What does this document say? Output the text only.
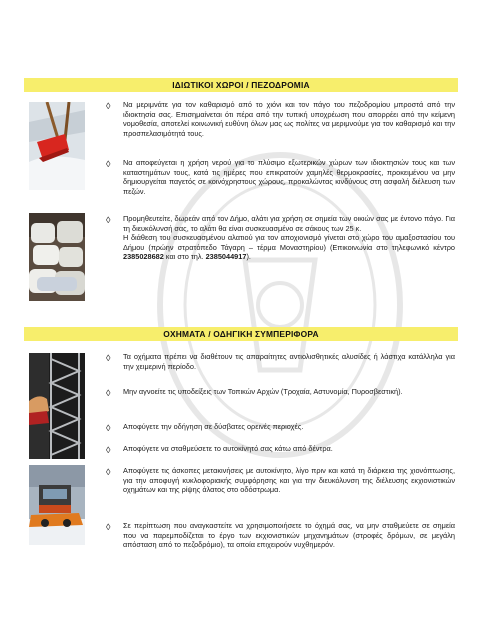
ΙΔΙΩΤΙΚΟΙ ΧΩΡΟΙ / ΠΕΖΟΔΡΟΜΙΑ
◊	Να μεριμνάτε για τον καθαρισμό από το χιόνι και τον πάγο του πεζοδρομίου μπροστά από την ιδιοκτησία σας. Επισημαίνεται ότι πέρα από την τυπική υποχρέωση που απορρέει από την κείμενη νομοθεσία, αποτελεί κοινωνική ευθύνη όλων μας ως πολίτες να μεριμνούμε για τον καθαρισμό και την προσπελασιμότητά τους.
◊	Να αποφεύγεται η χρήση νερού για το πλύσιμο εξωτερικών χώρων των ιδιοκτησιών τους και των καταστημάτων τους, κατά τις ημέρες που επικρατούν χαμηλές θερμοκρασίες, προκειμένου να μην δημιουργείται παγετός σε κοινόχρηστους χώρους, προκαλώντας κινδύνους στη ασφαλή διέλευση των πεζών.
◊	Προμηθευτείτε, δωρεάν από τον Δήμο, αλάτι για χρήση σε σημεία των οικιών σας με έντονο πάγο. Για τη διευκόλυνσή σας, το αλάτι θα είναι συσκευασμένο σε σάκους των 25 κ.
Η διάθεση του συσκευασμένου αλατιού για τον αποχιονισμό γίνεται στο χώρο του αμαξοστασίου του Δήμου (πρώην στρατόπεδο Τάγαρη – τέρμα Μοναστηρίου) (Επικοινωνία στο τηλεφωνικό κέντρο 2385028682 και στο τηλ. 2385044917).
ΟΧΗΜΑΤΑ / ΟΔΗΓΙΚΗ ΣΥΜΠΕΡΙΦΟΡΑ
◊	Τα οχήματα πρέπει να διαθέτουν τις απαραίτητες αντιολισθητικές αλυσίδες ή λάστιχα κατάλληλα για την χειμερινή περίοδο.
◊	Μην αγνοείτε τις υποδείξεις των Τοπικών Αρχών (Τροχαία, Αστυνομία, Πυροσβεστική).
◊	Αποφύγετε την οδήγηση σε δύσβατες ορεινές περιοχές.
◊	Αποφύγετε να σταθμεύσετε το αυτοκίνητό σας κάτω από δέντρα.
◊	Αποφύγετε τις άσκοπες μετακινήσεις με αυτοκίνητο, λίγο πριν και κατά τη διάρκεια της χιονόπτωσης, για την αποφυγή κυκλοφοριακής συμφόρησης και για την διευκόλυνση της διέλευσης εκχιονιστικών οχημάτων και της ρίψης άλατος στο οδόστρωμα.
◊	Σε περίπτωση που αναγκαστείτε να χρησιμοποιήσετε το όχημά σας, να μην σταθμεύετε σε σημεία που να παρεμποδίζεται το έργο των εκχιονιστικών μηχανημάτων (στροφές δρόμων, σε μεγάλη απόσταση από το πεζοδρόμιο), τα οποία επιχειρούν νυχθημερόν.
